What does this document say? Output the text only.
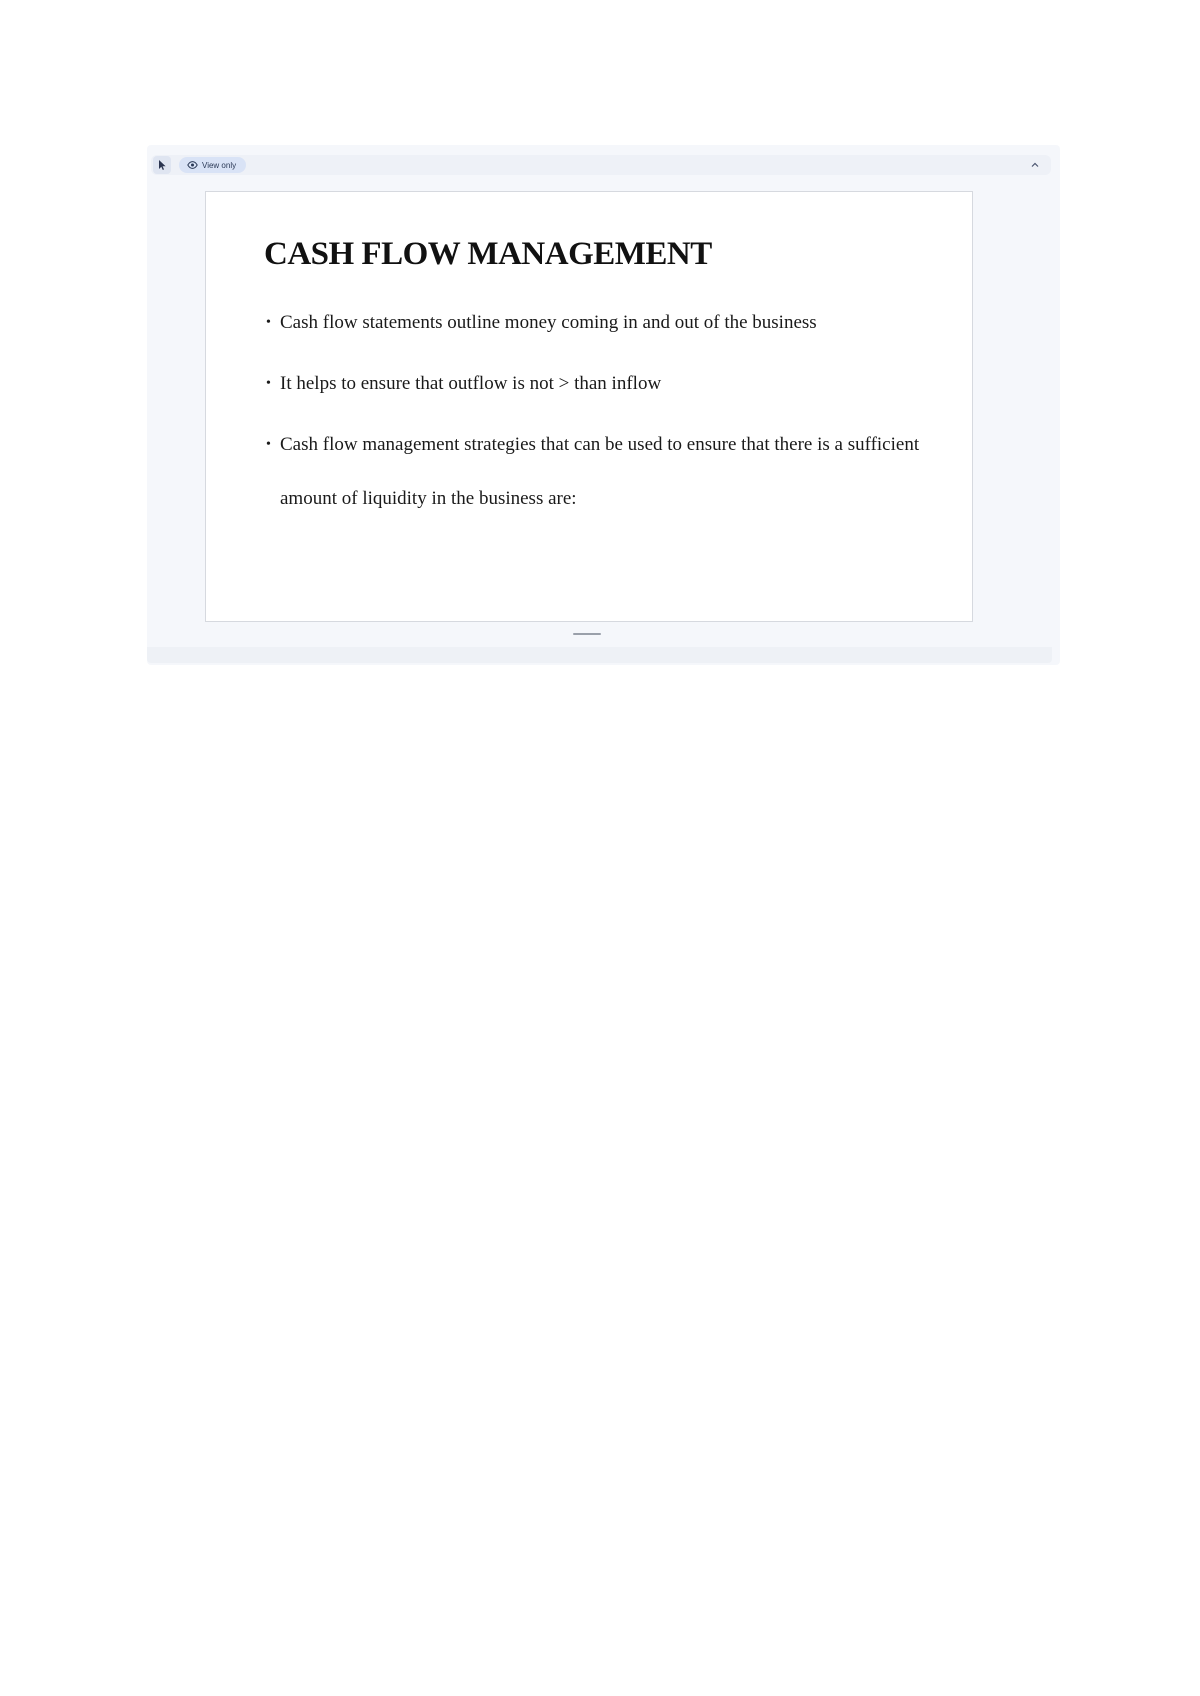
View only
CASH FLOW MANAGEMENT
• Cash flow statements outline money coming in and out of the business
• It helps to ensure that outflow is not > than inflow
• Cash flow management strategies that can be used to ensure that there is a sufficient amount of liquidity in the business are:
